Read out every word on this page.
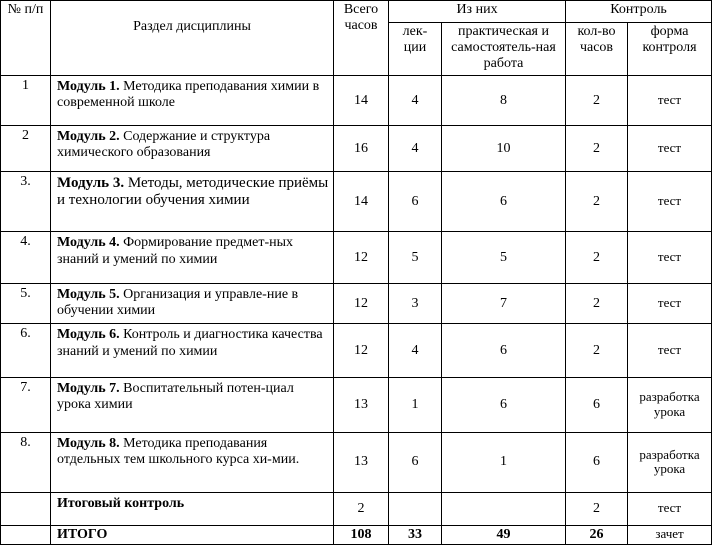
№ п/п	Раздел дисциплины	Всего часов	Из них		Контроль	
			лек-ции	практическая и самостоятель-ная работа	кол-во часов	форма контроля
1	Модуль 1. Методика преподавания химии в современной школе	14	4	8	2	тест
2	Модуль 2. Содержание и структура химического образования	16	4	10	2	тест
3.	Модуль 3. Методы, методические приёмы и технологии обучения химии	14	6	6	2	тест
4.	Модуль 4. Формирование предмет-ных знаний и умений по химии	12	5	5	2	тест
5.	Модуль 5. Организация и управле-ние в обучении химии	12	3	7	2	тест
6.	Модуль 6. Контроль и диагностика качества знаний и умений по химии	12	4	6	2	тест
7.	Модуль 7. Воспитательный потен-циал урока химии	13	1	6	6	разработка урока
8.	Модуль 8. Методика преподавания отдельных тем школьного курса хи-мии.	13	6	1	6	разработка урока
	Итоговый контроль	2			2	тест
	ИТОГО	108	33	49	26	зачет
